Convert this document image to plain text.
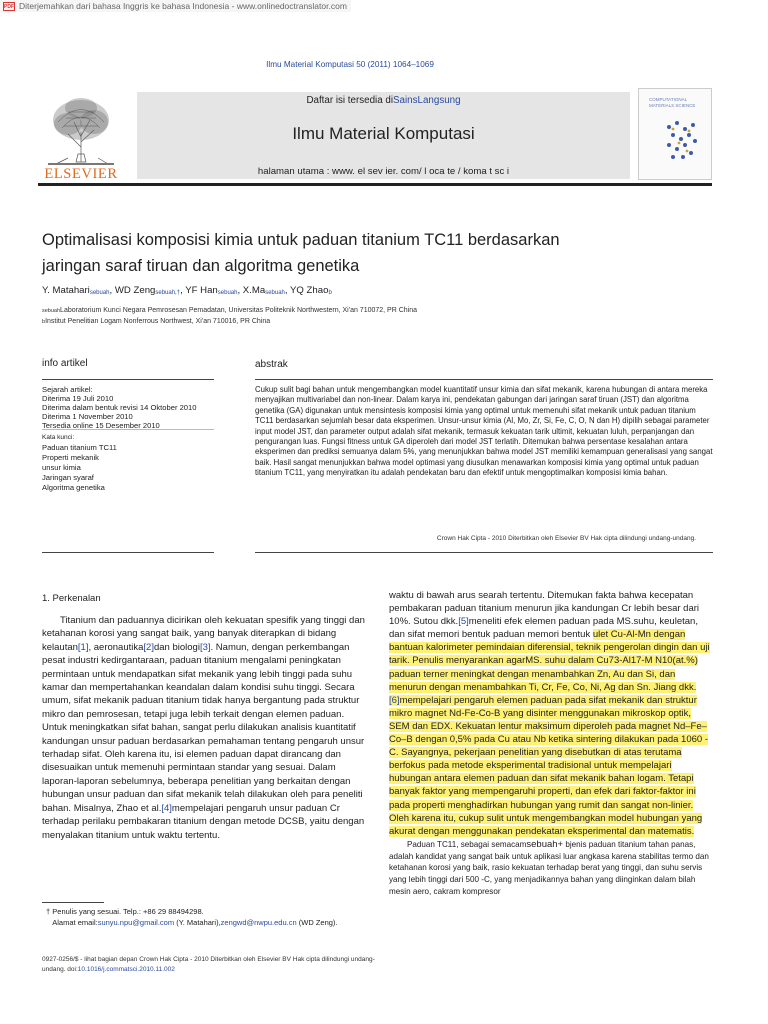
PDF Diterjemahkan dari bahasa Inggris ke bahasa Indonesia - www.onlinedoctranslator.com
Ilmu Material Komputasi 50 (2011) 1064–1069
ELSEVIER
Daftar isi tersedia diSainsLangsung
Ilmu Material Komputasi
halaman utama : www. el sev ier. com/ l oca te / koma t sc i
COMPUTATIONAL MATERIALS SCIENCE
Optimalisasi komposisi kimia untuk paduan titanium TC11 berdasarkan jaringan saraf tiruan dan algoritma genetika
Y. Matahari$_{sebuah}$, WD Zeng$_{sebuah,\dagger}$, YF Han$_{sebuah}$, $X.Ma_{sebuah}$, YQ Zhao$_b$
sebuahLaboratorium Kunci Negara Pemrosesan Pemadatan, Universitas Politeknik Northwestern, Xi'an 710072, PR China
bInstitut Penelitian Logam Nonferrous Northwest, Xi'an 710016, PR China
info artikel
Sejarah artikel:
Diterima 19 Juli 2010
Diterima dalam bentuk revisi 14 Oktober 2010
Diterima 1 November 2010
Tersedia online 15 Desember 2010
Kata kunci:
Paduan titanium TC11
Properti mekanik
unsur kimia
Jaringan syaraf
Algoritma genetika
abstrak
Cukup sulit bagi bahan untuk mengembangkan model kuantitatif unsur kimia dan sifat mekanik, karena hubungan di antara mereka menyajikan multivariabel dan non-linear. Dalam karya ini, pendekatan gabungan dari jaringan saraf tiruan (JST) dan algoritma genetika (GA) digunakan untuk mensintesis komposisi kimia yang optimal untuk memenuhi sifat mekanik untuk paduan titanium TC11 berdasarkan sejumlah besar data eksperimen. Unsur-unsur kimia (Al, Mo, Zr, Si, Fe, C, O, N dan H) dipilih sebagai parameter input model JST, dan parameter output adalah sifat mekanik, termasuk kekuatan tarik ultimit, kekuatan luluh, perpanjangan dan pengurangan luas. Fungsi fitness untuk GA diperoleh dari model JST terlatih. Ditemukan bahwa persentase kesalahan antara eksperimen dan prediksi semuanya dalam 5%, yang menunjukkan bahwa model JST memiliki kemampuan generalisasi yang sangat baik. Hasil sangat menunjukkan bahwa model optimasi yang diusulkan menawarkan komposisi kimia yang optimal untuk paduan titanium TC11, yang menyiratkan itu adalah pendekatan baru dan efektif untuk mengoptimalkan komposisi kimia bahan.
Crown Hak Cipta - 2010 Diterbitkan oleh Elsevier BV Hak cipta dilindungi undang-undang.
1. Perkenalan
Titanium dan paduannya dicirikan oleh kekuatan spesifik yang tinggi dan ketahanan korosi yang sangat baik, yang banyak diterapkan di bidang kelautan[1], aeronautika[2]dan biologi[3]. Namun, dengan perkembangan pesat industri kedirgantaraan, paduan titanium mengalami peningkatan permintaan untuk mendapatkan sifat mekanik yang lebih tinggi pada suhu kamar dan mempertahankan keandalan dalam kondisi suhu tinggi. Secara umum, sifat mekanik paduan titanium tidak hanya bergantung pada struktur mikro dan pemrosesan, tetapi juga lebih terkait dengan elemen paduan. Untuk meningkatkan sifat bahan, sangat perlu dilakukan analisis kuantitatif kandungan unsur paduan berdasarkan pemahaman tentang pengaruh unsur terhadap sifat. Oleh karena itu, isi elemen paduan dapat dirancang dan disesuaikan untuk memenuhi permintaan standar yang sesuai. Dalam laporan-laporan sebelumnya, beberapa penelitian yang berkaitan dengan hubungan unsur paduan dan sifat mekanik telah dilakukan oleh para peneliti bahan. Misalnya, Zhao et al.[4]mempelajari pengaruh unsur paduan Cr terhadap perilaku pembakaran titanium dengan metode DCSB, yaitu dengan menyalakan titanium untuk waktu tertentu.
† Penulis yang sesuai. Telp.: +86 29 88494298.
Alamat email:sunyu.npu@gmail.com (Y. Matahari),zengwd@nwpu.edu.cn (WD Zeng).
waktu di bawah arus searah tertentu. Ditemukan fakta bahwa kecepatan pembakaran paduan titanium menurun jika kandungan Cr lebih besar dari 10%. Sutou dkk.[5]meneliti efek elemen paduan pada MS.suhu, keuletan, dan sifat memori bentuk paduan memori bentuk ulet Cu-Al-Mn dengan bantuan kalorimeter pemindaian diferensial, teknik pengerolan dingin dan uji tarik. Penulis menyarankan agarMS. suhu dalam Cu73-Al17-M N10(at.%) paduan terner meningkat dengan menambahkan Zn, Au dan Si, dan menurun dengan menambahkan Ti, Cr, Fe, Co, Ni, Ag dan Sn. Jiang dkk.[6]mempelajari pengaruh elemen paduan pada sifat mekanik dan struktur mikro magnet Nd-Fe-Co-B yang disinter menggunakan mikroskop optik, SEM dan EDX. Kekuatan lentur maksimum diperoleh pada magnet Nd–Fe–Co–B dengan 0,5% pada Cu atau Nb ketika sintering dilakukan pada 1060 -C. Sayangnya, pekerjaan penelitian yang disebutkan di atas terutama berfokus pada metode eksperimental tradisional untuk mempelajari hubungan antara elemen paduan dan sifat mekanik bahan logam. Tetapi banyak faktor yang mempengaruhi properti, dan efek dari faktor-faktor ini pada properti menghadirkan hubungan yang rumit dan sangat non-linier. Oleh karena itu, cukup sulit untuk mengembangkan model hubungan yang akurat dengan menggunakan pendekatan eksperimental dan matematis.
Paduan TC11, sebagai semacamsebuah+ bjenis paduan titanium tahan panas, adalah kandidat yang sangat baik untuk aplikasi luar angkasa karena stabilitas termo dan ketahanan korosi yang baik, rasio kekuatan terhadap berat yang tinggi, dan suhu servis yang lebih tinggi dari 500 -C, yang menjadikannya bahan yang diinginkan dalam bilah mesin aero, cakram kompresor
0927-0256/$ - lihat bagian depan Crown Hak Cipta - 2010 Diterbitkan oleh Elsevier BV Hak cipta dilindungi undang-
undang. doi:10.1016/j.commatsci.2010.11.002
